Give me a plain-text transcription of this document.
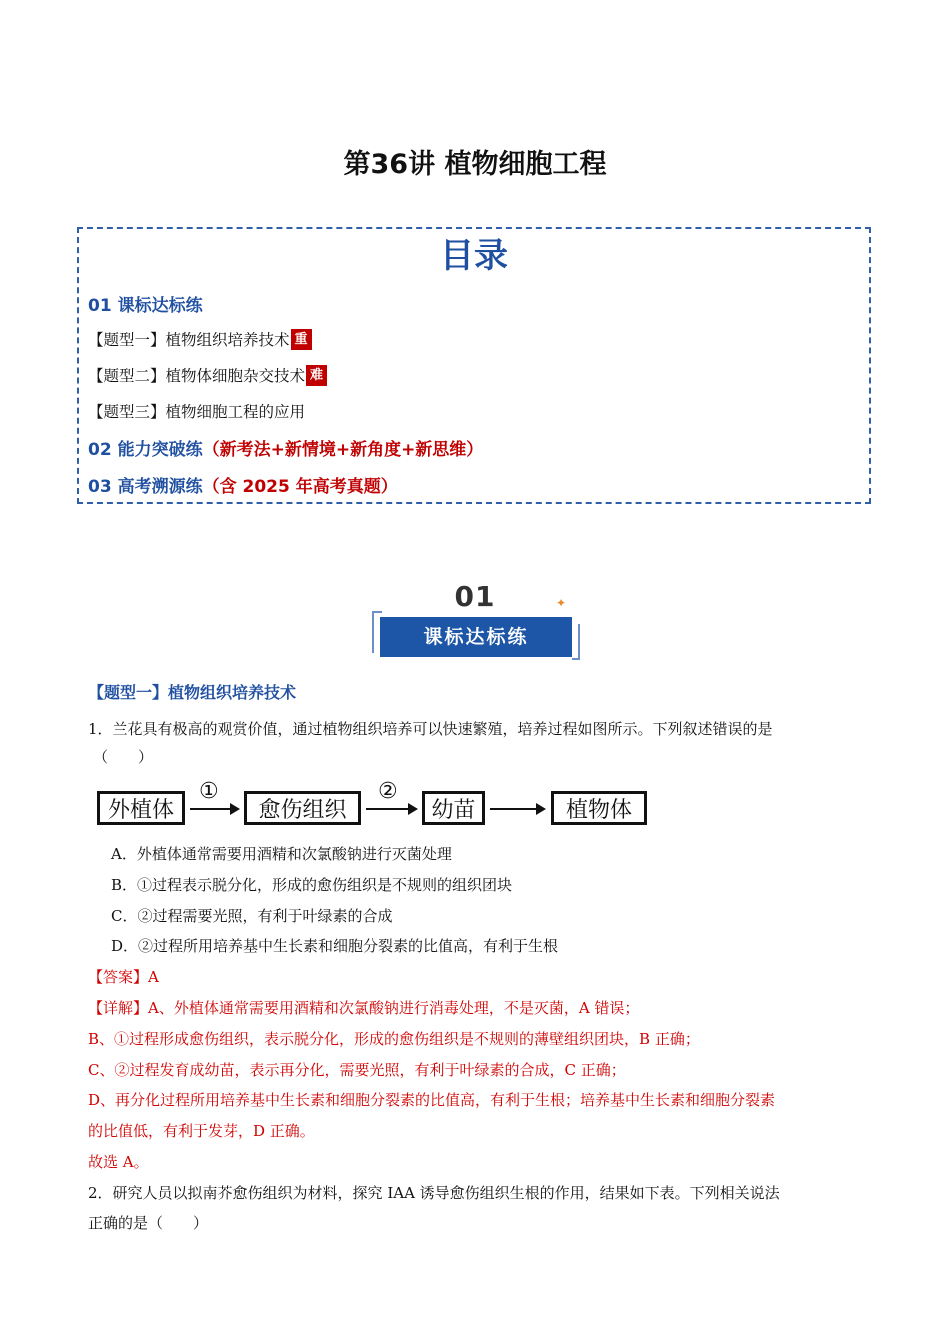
第36讲 植物细胞工程
目录
01 课标达标练
【题型一】植物组织培养技术 重
【题型二】植物体细胞杂交技术 难
【题型三】植物细胞工程的应用
02 能力突破练（新考法+新情境+新角度+新思维）
03 高考溯源练（含 2025 年高考真题）
01
课标达标练
✦
【题型一】植物组织培养技术
1．兰花具有极高的观赏价值，通过植物组织培养可以快速繁殖，培养过程如图所示。下列叙述错误的是
（　　）
外植体
①
愈伤组织
②
幼苗	植物体
A．外植体通常需要用酒精和次氯酸钠进行灭菌处理
B．①过程表示脱分化，形成的愈伤组织是不规则的组织团块
C．②过程需要光照，有利于叶绿素的合成
D．②过程所用培养基中生长素和细胞分裂素的比值高，有利于生根
【答案】A
【详解】A、外植体通常需要用酒精和次氯酸钠进行消毒处理，不是灭菌，A 错误；
B、①过程形成愈伤组织，表示脱分化，形成的愈伤组织是不规则的薄壁组织团块，B 正确；
C、②过程发育成幼苗，表示再分化，需要光照，有利于叶绿素的合成，C 正确；
D、再分化过程所用培养基中生长素和细胞分裂素的比值高，有利于生根；培养基中生长素和细胞分裂素
的比值低，有利于发芽，D 正确。
故选 A。
2．研究人员以拟南芥愈伤组织为材料，探究 IAA 诱导愈伤组织生根的作用，结果如下表。下列相关说法
正确的是（　　）
